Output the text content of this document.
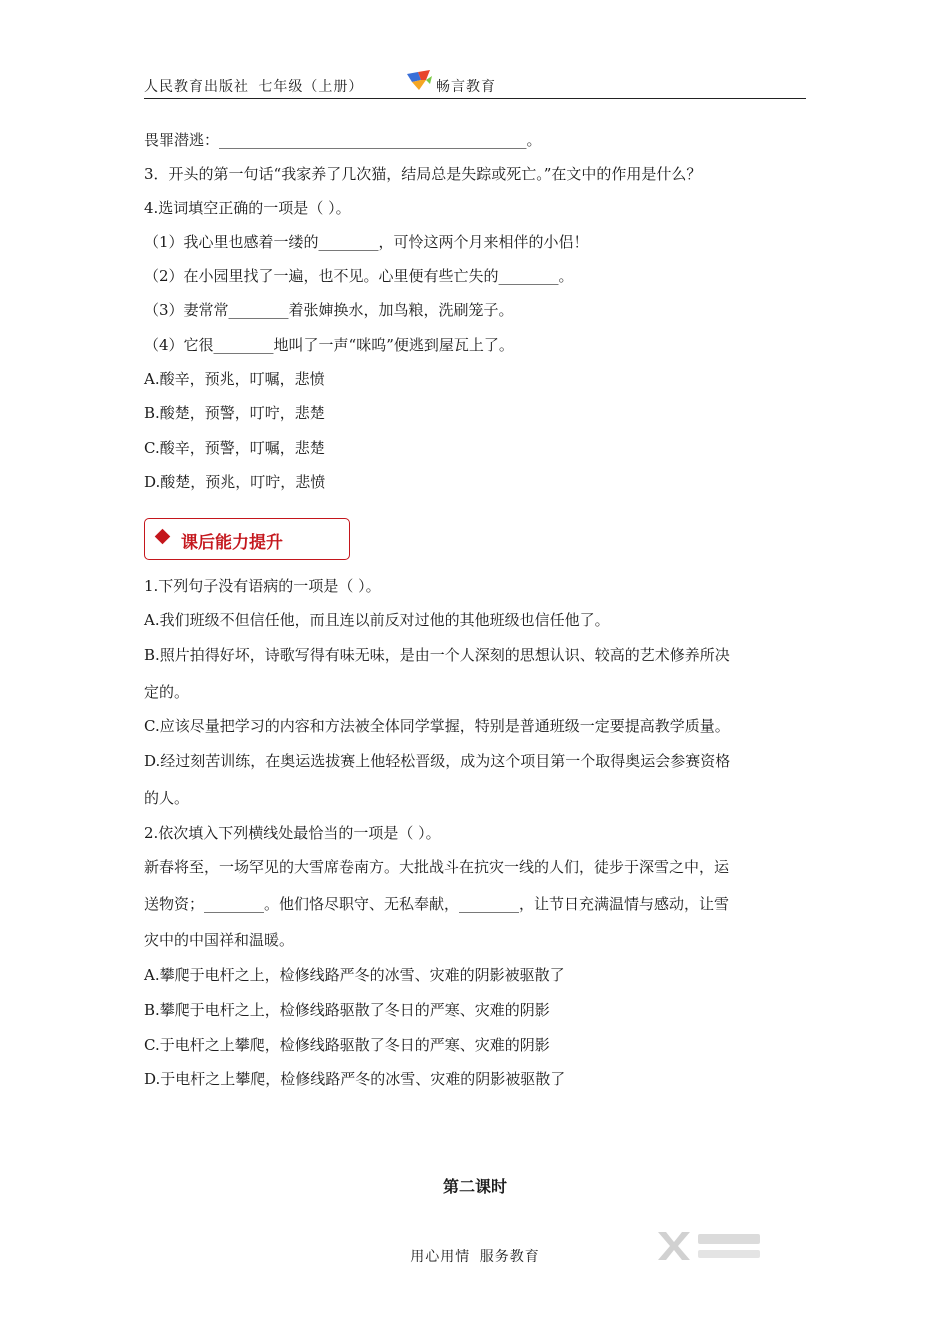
人民教育出版社 七年级（上册）	畅言教育
畏罪潜逃：_________________________________________。
3．开头的第一句话“我家养了几次猫，结局总是失踪或死亡。”在文中的作用是什么？
4.选词填空正确的一项是（ ）。
（1）我心里也感着一缕的________，可怜这两个月来相伴的小侣！
（2）在小园里找了一遍，也不见。心里便有些亡失的________。
（3）妻常常________着张婶换水，加鸟粮，洗刷笼子。
（4）它很________地叫了一声“咪呜”便逃到屋瓦上了。
A.酸辛，预兆，叮嘱，悲愤
B.酸楚，预警，叮咛，悲楚
C.酸辛，预警，叮嘱，悲楚
D.酸楚，预兆，叮咛，悲愤
课后能力提升
1.下列句子没有语病的一项是（ ）。
A.我们班级不但信任他，而且连以前反对过他的其他班级也信任他了。
B.照片拍得好坏，诗歌写得有味无味，是由一个人深刻的思想认识、较高的艺术修养所决
定的。
C.应该尽量把学习的内容和方法被全体同学掌握，特别是普通班级一定要提高教学质量。
D.经过刻苦训练，在奥运选拔赛上他轻松晋级，成为这个项目第一个取得奥运会参赛资格
的人。
2.依次填入下列横线处最恰当的一项是（ ）。
新春将至，一场罕见的大雪席卷南方。大批战斗在抗灾一线的人们，徒步于深雪之中，运
送物资；________。他们恪尽职守、无私奉献，________，让节日充满温情与感动，让雪
灾中的中国祥和温暖。
A.攀爬于电杆之上，检修线路严冬的冰雪、灾难的阴影被驱散了
B.攀爬于电杆之上，检修线路驱散了冬日的严寒、灾难的阴影
C.于电杆之上攀爬，检修线路驱散了冬日的严寒、灾难的阴影
D.于电杆之上攀爬，检修线路严冬的冰雪、灾难的阴影被驱散了
第二课时
用心用情 服务教育
